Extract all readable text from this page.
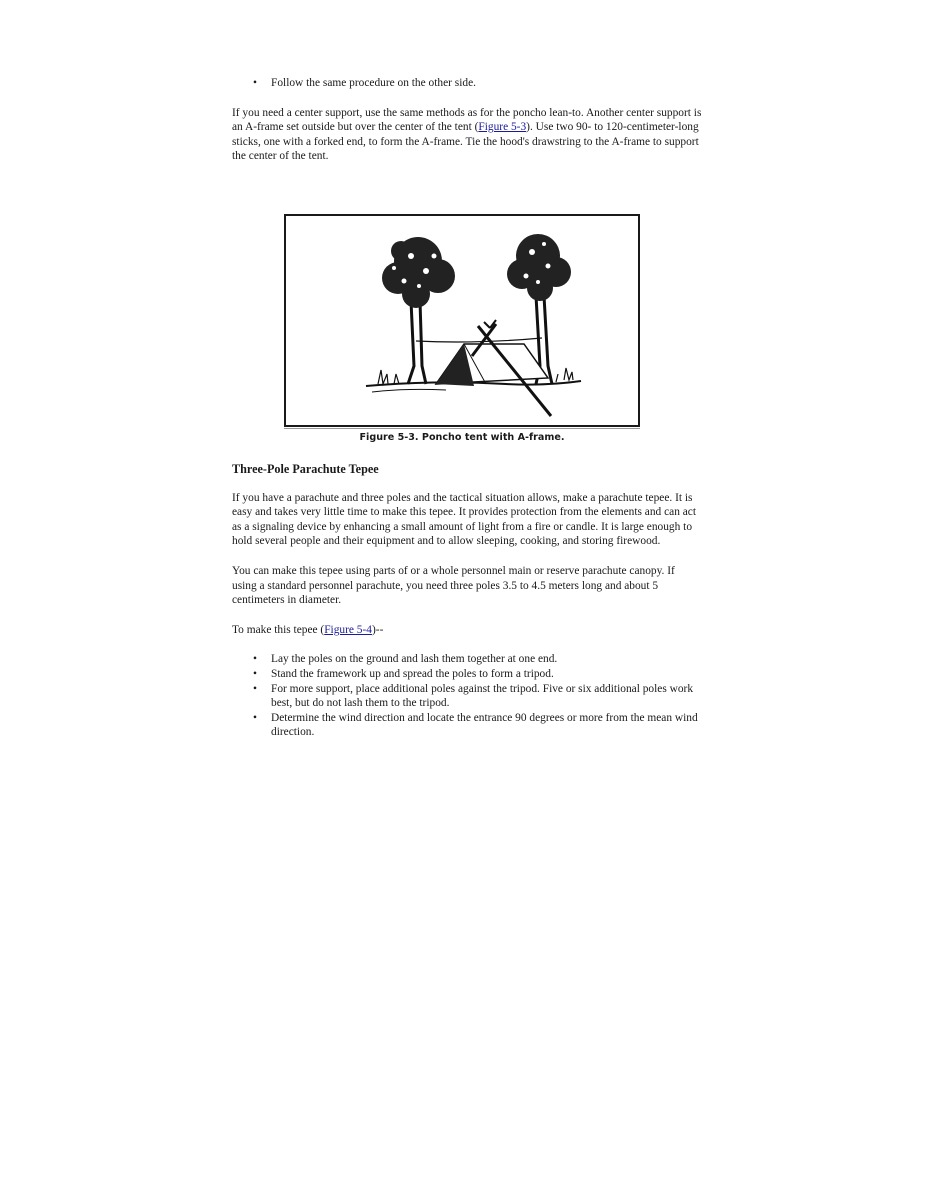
• Follow the same procedure on the other side.

If you need a center support, use the same methods as for the poncho lean-to. Another center support is an A-frame set outside but over the center of the tent (Figure 5-3). Use two 90- to 120-centimeter-long sticks, one with a forked end, to form the A-frame. Tie the hood's drawstring to the A-frame to support the center of the tent.

Figure 5-3. Poncho tent with A-frame.
Three-Pole Parachute Tepee

If you have a parachute and three poles and the tactical situation allows, make a parachute tepee. It is easy and takes very little time to make this tepee. It provides protection from the elements and can act as a signaling device by enhancing a small amount of light from a fire or candle. It is large enough to hold several people and their equipment and to allow sleeping, cooking, and storing firewood.

You can make this tepee using parts of or a whole personnel main or reserve parachute canopy. If using a standard personnel parachute, you need three poles 3.5 to 4.5 meters long and about 5 centimeters in diameter.

To make this tepee (Figure 5-4)--

• Lay the poles on the ground and lash them together at one end.
• Stand the framework up and spread the poles to form a tripod.
• For more support, place additional poles against the tripod. Five or six additional poles work best, but do not lash them to the tripod.
• Determine the wind direction and locate the entrance 90 degrees or more from the mean wind direction.
